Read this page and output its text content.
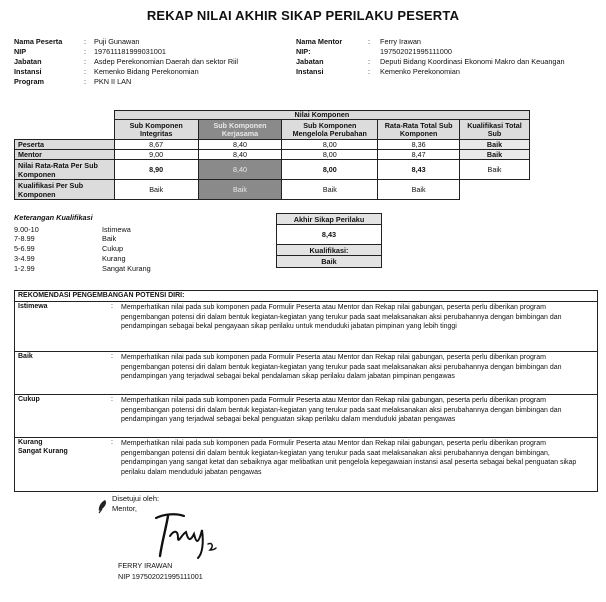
REKAP NILAI AKHIR SIKAP PERILAKU PESERTA
Nama Peserta	:	Puji Gunawan
NIP	:	197611181999031001
Jabatan	:	Asdep Perekonomian Daerah dan sektor Riil
Instansi	:	Kemenko Bidang Perekonomian
Program	:	PKN II LAN
Nama Mentor	:	Ferry Irawan
NIP:	197502021995111000
Jabatan	:	Deputi Bidang Koordinasi Ekonomi Makro dan Keuangan
Instansi	:	Kemenko Perekonomian
	Nilai Komponen				
	Sub Komponen Integritas	Sub Komponen Kerjasama	Sub Komponen Mengelola Perubahan	Rata-Rata Total Sub Komponen	Kualifikasi Total Sub
Peserta	8,67	8,40	8,00	8,36	Baik
Mentor	9,00	8,40	8,00	8,47	Baik
Nilai Rata-Rata Per Sub Komponen	8,90	8,40	8,00	8,43	Baik
Kualifikasi Per Sub Komponen	Baik	Baik	Baik	Baik	
Keterangan Kualifikasi
9.00-10	Istimewa
7-8.99	Baik
5-6.99	Cukup
3-4.99	Kurang
1-2.99	Sangat Kurang
Akhir Sikap Perilaku
8,43
Kualifikasi:
Baik
REKOMENDASI PENGEMBANGAN POTENSI DIRI:
Istimewa	:	Memperhatikan nilai pada sub komponen pada Formulir Peserta atau Mentor dan Rekap nilai gabungan, peserta perlu diberikan program pengembangan potensi diri dalam bentuk kegiatan-kegiatan yang terukur pada saat melaksanakan aksi perubahannya dengan bimbingan dan pendampingan sebagai bekal pengayaan sikap perilaku untuk menduduki jabatan pimpinan yang lebih tinggi
Baik	:	Memperhatikan nilai pada sub komponen pada Formulir Peserta atau Mentor dan Rekap nilai gabungan, peserta perlu diberikan program pengembangan potensi diri dalam bentuk kegiatan-kegiatan yang terukur pada saat melaksanakan aksi perubahannya dengan bimbingan dan pendampingan yang terjadwal sebagai bekal pendalaman sikap perilaku dalam jabatan pimpinan pengawas
Cukup	:	Memperhatikan nilai pada sub komponen pada Formulir Peserta atau Mentor dan Rekap nilai gabungan, peserta perlu diberikan program pengembangan potensi diri dalam bentuk kegiatan-kegiatan yang terukur pada saat melaksanakan aksi perubahannya dengan bimbingan dan pendampingan yang terjadwal sebagai bekal penguatan sikap perilaku dalam menduduki jabatan pengawas
Kurang
Sangat Kurang
:	Memperhatikan nilai pada sub komponen pada Formulir Peserta atau Mentor dan Rekap nilai gabungan, peserta perlu diberikan program pengembangan potensi diri dalam bentuk kegiatan-kegiatan yang terukur pada saat melaksanakan aksi perubahannya dengan bimbingan, pendampingan yang sangat ketat dan sebaiknya agar melibatkan unit pengelola kepegawaian instansi asal peserta sebagai bekal penguatan sikap perilaku dalam menduduki jabatan pengawas
Disetujui oleh:
Mentor,
FERRY IRAWAN
NIP 197502021995111001
